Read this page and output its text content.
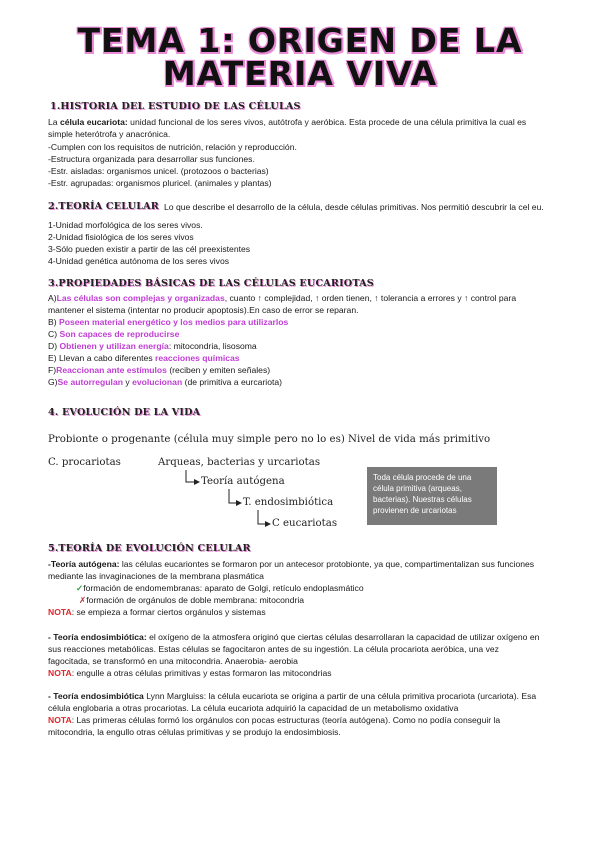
TEMA 1: ORIGEN DE LA
MATERIA VIVA
1.HISTORIA DEL ESTUDIO DE LAS CÉLULAS
La célula eucariota: unidad funcional de los seres vivos, autótrofa y aeróbica. Esta procede de una célula primitiva la cual es
simple heterótrofa y anacrónica.
-Cumplen con los requisitos de nutrición, relación y reproducción.
-Estructura organizada para desarrollar sus funciones.
-Estr. aisladas: organismos unicel. (protozoos o bacterias)
-Estr. agrupadas: organismos pluricel. (animales y plantas)
2.TEORÍA CELULAR Lo que describe el desarrollo de la célula, desde células primitivas. Nos permitió descubrir la cel eu.
1-Unidad morfológica de los seres vivos.
2-Unidad fisiológica de los seres vivos
3-Sólo pueden existir a partir de las cél preexistentes
4-Unidad genética autónoma de los seres vivos
3.PROPIEDADES BÁSICAS DE LAS CÉLULAS EUCARIOTAS
A)Las células son complejas y organizadas, cuanto ↑ complejidad, ↑ orden tienen, ↑ tolerancia a errores y ↑ control para
mantener el sistema (intentar no producir apoptosis).En caso de error se reparan.
B) Poseen material energético y los medios para utilizarlos
C) Son capaces de reproducirse
D) Obtienen y utilizan energía: mitocondria, lisosoma
E) Llevan a cabo diferentes reacciones químicas
F)Reaccionan ante estímulos (reciben y emiten señales)
G)Se autorregulan y evolucionan (de primitiva a eurcariota)
4. EVOLUCIÓN DE LA VIDA
Probionte o progenante (célula muy simple pero no lo es) Nivel de vida más primitivo
C. procariotas	Arqueas, bacterias y urcariotas
Teoría autógena
T. endosimbiótica
C eucariotas
Toda célula procede de una célula primitiva (arqueas, bacterias). Nuestras células provienen de urcariotas
5.TEORÍA DE EVOLUCIÓN CELULAR
-Teoría autógena: las células eucariontes se formaron por un antecesor protobionte, ya que, compartimentalizan sus funciones
mediante las invaginaciones de la membrana plasmática
✓formación de endomembranas: aparato de Golgi, retículo endoplasmático
✗formación de orgánulos de doble membrana: mitocondria
NOTA: se empieza a formar ciertos orgánulos y sistemas
- Teoría endosimbiótica: el oxígeno de la atmosfera originó que ciertas células desarrollaran la capacidad de utilizar oxígeno en
sus reacciones metabólicas. Estas células se fagocitaron antes de su ingestión. La célula procariota aeróbica, una vez
fagocitada, se transformó en una mitocondria. Anaerobia- aerobia
NOTA: engulle a otras células primitivas y estas formaron las mitocondrias
- Teoría endosimbiótica Lynn Margluiss: la célula eucariota se origina a partir de una célula primitiva procariota (urcariota). Esa
célula englobaria a otras procariotas. La célula eucariota adquirió la capacidad de un metabolismo oxidativa
NOTA: Las primeras células formó los orgánulos con pocas estructuras (teoría autógena). Como no podía conseguir la
mitocondria, la engullo otras células primitivas y se produjo la endosimbiosis.
